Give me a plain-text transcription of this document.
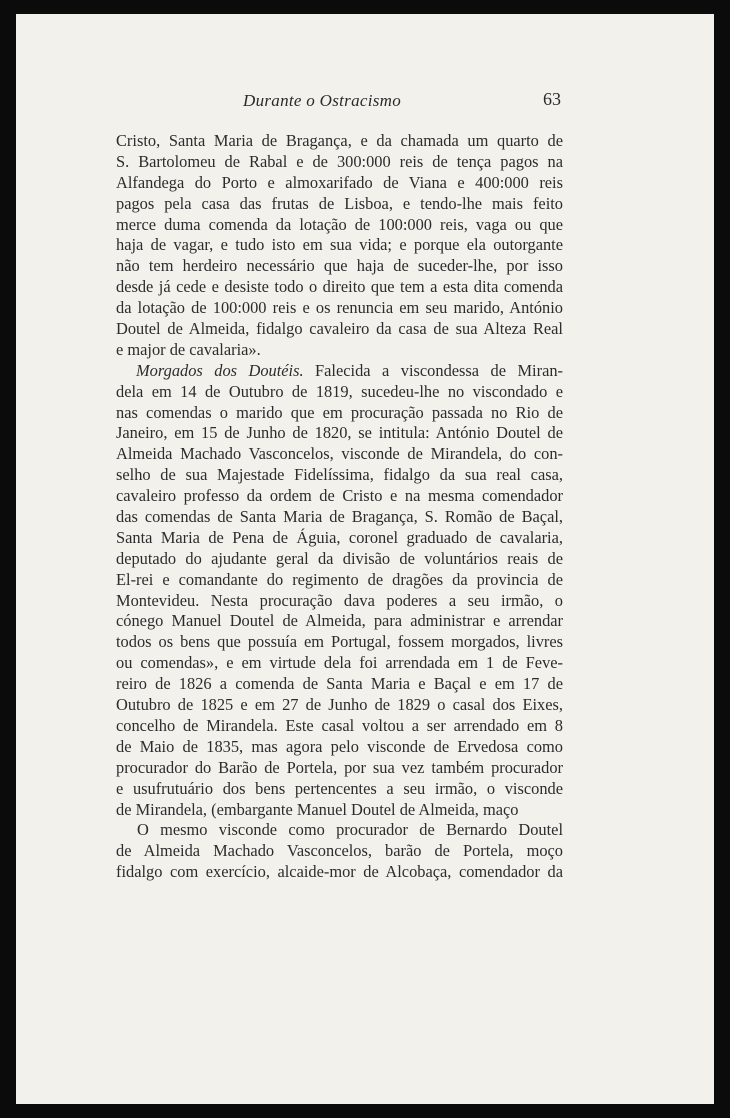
Durante o Ostracismo	63
Cristo, Santa Maria de Bragança, e da chamada um quarto de
S. Bartolomeu de Rabal e de 300:000 reis de tença pagos na
Alfandega do Porto e almoxarifado de Viana e 400:000 reis
pagos pela casa das frutas de Lisboa, e tendo-lhe mais feito
merce duma comenda da lotação de 100:000 reis, vaga ou que
haja de vagar, e tudo isto em sua vida; e porque ela outorgante
não tem herdeiro necessário que haja de suceder-lhe, por isso
desde já cede e desiste todo o direito que tem a esta dita comenda
da lotação de 100:000 reis e os renuncia em seu marido, António
Doutel de Almeida, fidalgo cavaleiro da casa de sua Alteza Real
e major de cavalaria».
Morgados dos Doutéis. Falecida a viscondessa de Miran-
dela em 14 de Outubro de 1819, sucedeu-lhe no viscondado e
nas comendas o marido que em procuração passada no Rio de
Janeiro, em 15 de Junho de 1820, se intitula: António Doutel de
Almeida Machado Vasconcelos, visconde de Mirandela, do con-
selho de sua Majestade Fidelíssima, fidalgo da sua real casa,
cavaleiro professo da ordem de Cristo e na mesma comendador
das comendas de Santa Maria de Bragança, S. Romão de Baçal,
Santa Maria de Pena de Águia, coronel graduado de cavalaria,
deputado do ajudante geral da divisão de voluntários reais de
El-rei e comandante do regimento de dragões da provincia de
Montevideu. Nesta procuração dava poderes a seu irmão, o
cónego Manuel Doutel de Almeida, para administrar e arrendar
todos os bens que possuía em Portugal, fossem morgados, livres
ou comendas», e em virtude dela foi arrendada em 1 de Feve-
reiro de 1826 a comenda de Santa Maria e Baçal e em 17 de
Outubro de 1825 e em 27 de Junho de 1829 o casal dos Eixes,
concelho de Mirandela. Este casal voltou a ser arrendado em 8
de Maio de 1835, mas agora pelo visconde de Ervedosa como
procurador do Barão de Portela, por sua vez também procurador
e usufrutuário dos bens pertencentes a seu irmão, o visconde
de Mirandela, (embargante Manuel Doutel de Almeida, maço
O mesmo visconde como procurador de Bernardo Doutel
de Almeida Machado Vasconcelos, barão de Portela, moço
fidalgo com exercício, alcaide-mor de Alcobaça, comendador da
